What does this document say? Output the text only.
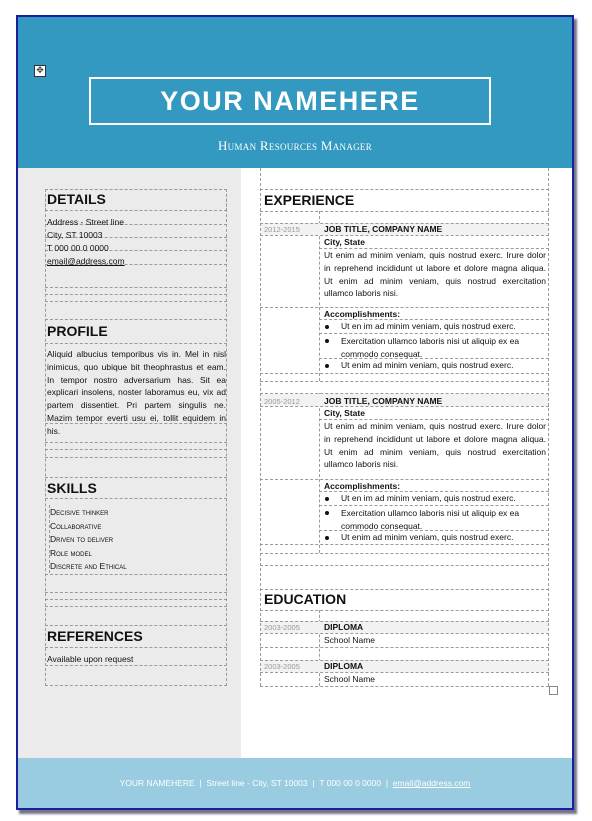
✥
YOUR NAMEHERE
Human Resources Manager
DETAILS
Address - Street line
City, ST 10003
T 000 00 0 0000
email@address.com
PROFILE
Aliquid albucius temporibus vis in. Mel in nisl inimicus, quo ubique bit theophrastus et eam. In tempor nostro adversarium has. Sit ea explicari insolens, noster laboramus eu, vix ad partem dissentiet. Pri partem singulis ne. Mazim tempor everti usu ei, tollit equidem in his.
SKILLS
Decisive thinker
Collaborative
Driven to deliver
Role model
Discrete and Ethical
REFERENCES
Available upon request
EXPERIENCE
2012-2015	JOB TITLE, COMPANY NAME
City, State
Ut enim ad minim veniam, quis nostrud exerc. Irure dolor in reprehend incididunt ut labore et dolore magna aliqua. Ut enim ad minim veniam, quis nostrud exercitation ullamco laboris nisi.
Accomplishments:
Ut en im ad minim veniam, quis nostrud exerc.
Exercitation ullamco laboris nisi ut aliquip ex ea commodo consequat.
Ut enim ad minim veniam, quis nostrud exerc.
2005-2012	JOB TITLE, COMPANY NAME
City, State
Ut enim ad minim veniam, quis nostrud exerc. Irure dolor in reprehend incididunt ut labore et dolore magna aliqua. Ut enim ad minim veniam, quis nostrud exercitation ullamco laboris nisi.
Accomplishments:
Ut en im ad minim veniam, quis nostrud exerc.
Exercitation ullamco laboris nisi ut aliquip ex ea commodo consequat.
Ut enim ad minim veniam, quis nostrud exerc.
EDUCATION
2003-2005	DIPLOMA
School Name
2003-2005	DIPLOMA
School Name
YOUR NAMEHERE
|
Street line - City, ST 10003
|
T 000 00 0 0000
|
email@address.com
